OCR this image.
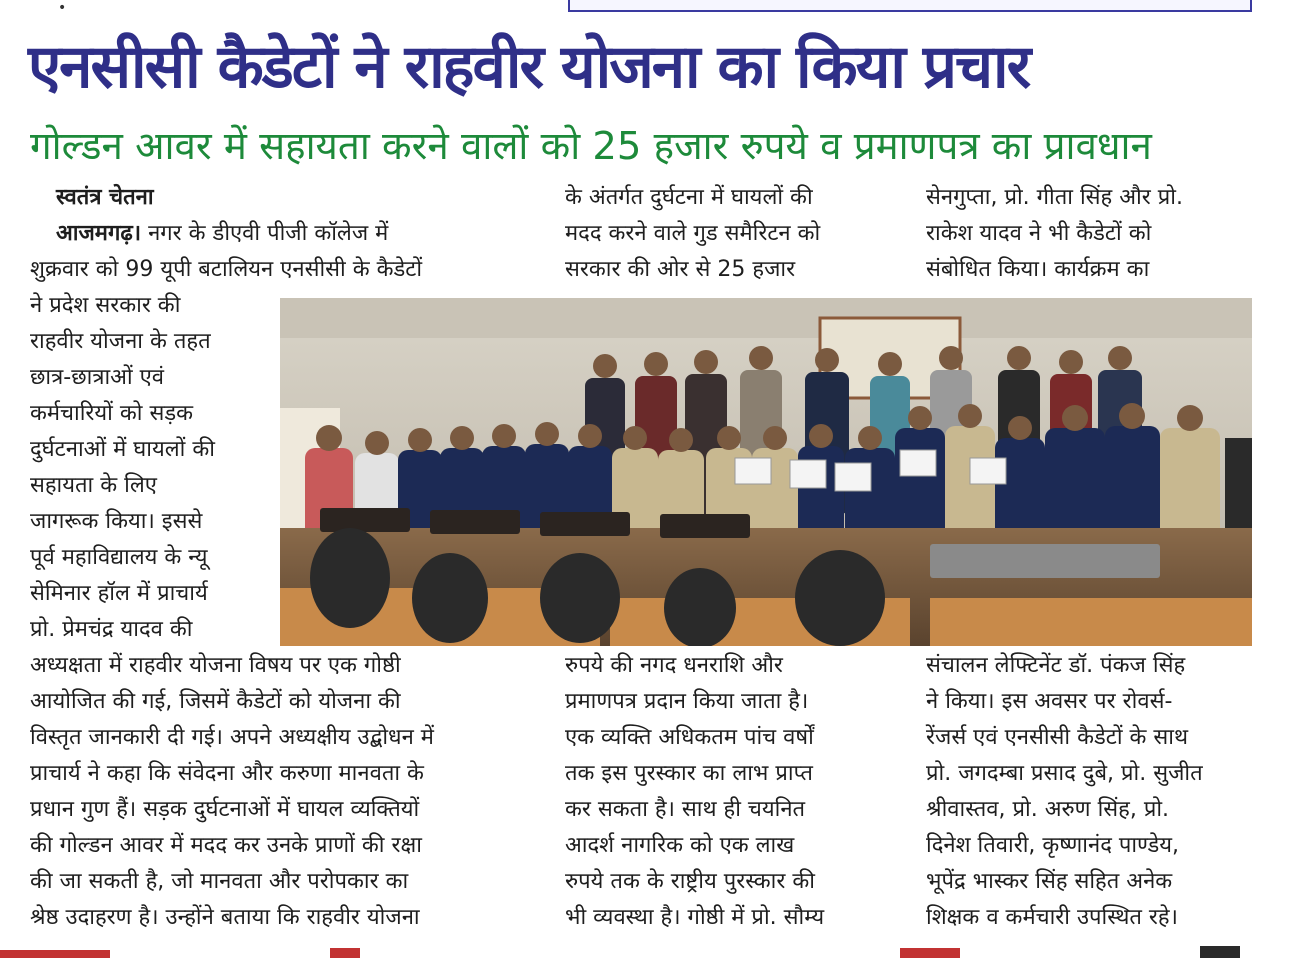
•
एनसीसी कैडेटों ने राहवीर योजना का किया प्रचार
गोल्डन आवर में सहायता करने वालों को 25 हजार रुपये व प्रमाणपत्र का प्रावधान

स्वतंत्र चेतना

आजमगढ़। नगर के डीएवी पीजी कॉलेज में

शुक्रवार को 99 यूपी बटालियन एनसीसी के कैडेटों

ने प्रदेश सरकार की

राहवीर योजना के तहत

छात्र-छात्राओं एवं

कर्मचारियों को सड़क

दुर्घटनाओं में घायलों की

सहायता के लिए

जागरूक किया। इससे

पूर्व महाविद्यालय के न्यू

सेमिनार हॉल में प्राचार्य

प्रो. प्रेमचंद्र यादव की

अध्यक्षता में राहवीर योजना विषय पर एक गोष्ठी

आयोजित की गई, जिसमें कैडेटों को योजना की

विस्तृत जानकारी दी गई। अपने अध्यक्षीय उद्बोधन में

प्राचार्य ने कहा कि संवेदना और करुणा मानवता के

प्रधान गुण हैं। सड़क दुर्घटनाओं में घायल व्यक्तियों

की गोल्डन आवर में मदद कर उनके प्राणों की रक्षा

की जा सकती है, जो मानवता और परोपकार का

श्रेष्ठ उदाहरण है। उन्होंने बताया कि राहवीर योजना

के अंतर्गत दुर्घटना में घायलों की

मदद करने वाले गुड समैरिटन को

सरकार की ओर से 25 हजार

सेनगुप्ता, प्रो. गीता सिंह और प्रो.

राकेश यादव ने भी कैडेटों को

संबोधित किया। कार्यक्रम का

रुपये की नगद धनराशि और

प्रमाणपत्र प्रदान किया जाता है।

एक व्यक्ति अधिकतम पांच वर्षों

तक इस पुरस्कार का लाभ प्राप्त

कर सकता है। साथ ही चयनित

आदर्श नागरिक को एक लाख

रुपये तक के राष्ट्रीय पुरस्कार की

भी व्यवस्था है। गोष्ठी में प्रो. सौम्य

संचालन लेफ्टिनेंट डॉ. पंकज सिंह

ने किया। इस अवसर पर रोवर्स-

रेंजर्स एवं एनसीसी कैडेटों के साथ

प्रो. जगदम्बा प्रसाद दुबे, प्रो. सुजीत

श्रीवास्तव, प्रो. अरुण सिंह, प्रो.

दिनेश तिवारी, कृष्णानंद पाण्डेय,

भूपेंद्र भास्कर सिंह सहित अनेक

शिक्षक व कर्मचारी उपस्थित रहे।
